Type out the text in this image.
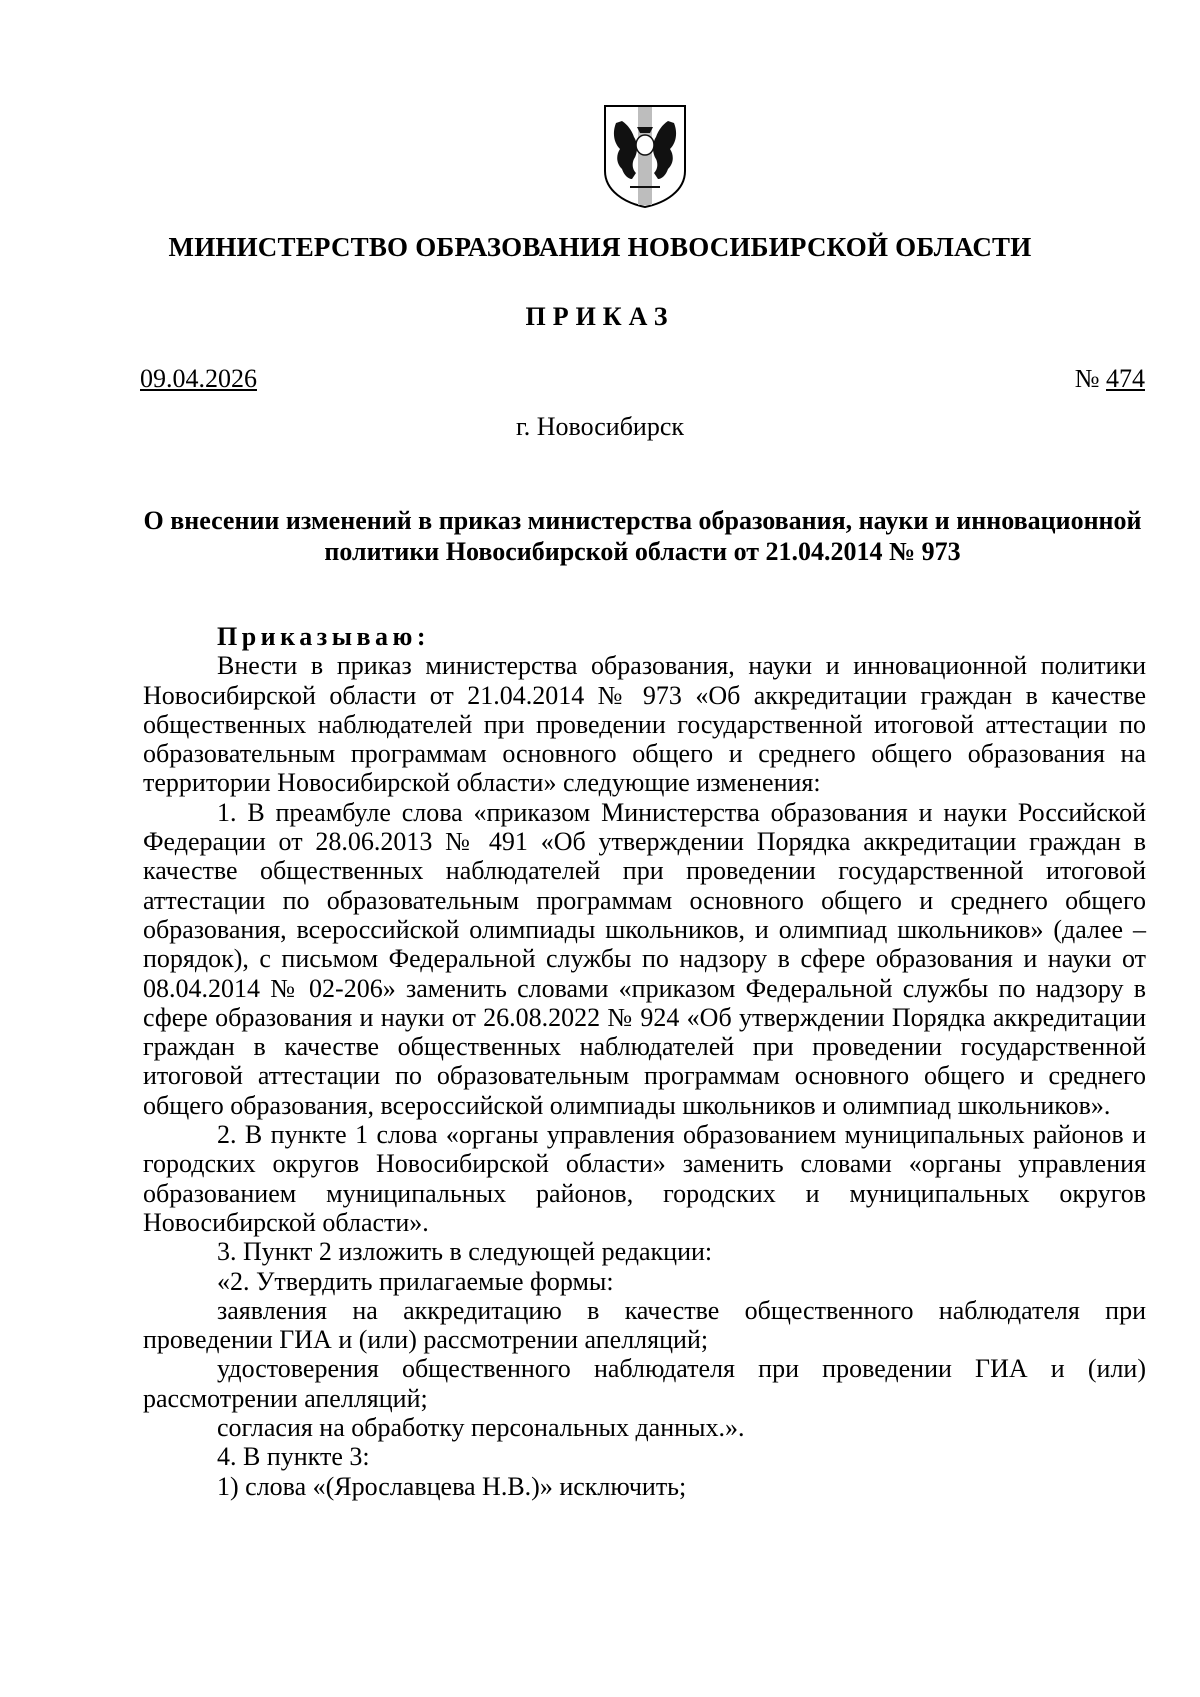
МИНИСТЕРСТВО ОБРАЗОВАНИЯ НОВОСИБИРСКОЙ ОБЛАСТИ
ПРИКАЗ
09.04.2026	№ 474
г. Новосибирск
О внесении изменений в приказ министерства образования, науки и инновационной политики Новосибирской области от 21.04.2014 № 973

Приказываю:

Внести в приказ министерства образования, науки и инновационной политики Новосибирской области от 21.04.2014 № 973 «Об аккредитации граждан в качестве общественных наблюдателей при проведении государственной итоговой аттестации по образовательным программам основного общего и среднего общего образования на территории Новосибирской области» следующие изменения:

1. В преамбуле слова «приказом Министерства образования и науки Российской Федерации от 28.06.2013 № 491 «Об утверждении Порядка аккредитации граждан в качестве общественных наблюдателей при проведении государственной итоговой аттестации по образовательным программам основного общего и среднего общего образования, всероссийской олимпиады школьников, и олимпиад школьников» (далее – порядок), с письмом Федеральной службы по надзору в сфере образования и науки от 08.04.2014 № 02-206» заменить словами «приказом Федеральной службы по надзору в сфере образования и науки от 26.08.2022 № 924 «Об утверждении Порядка аккредитации граждан в качестве общественных наблюдателей при проведении государственной итоговой аттестации по образовательным программам основного общего и среднего общего образования, всероссийской олимпиады школьников и олимпиад школьников».

2. В пункте 1 слова «органы управления образованием муниципальных районов и городских округов Новосибирской области» заменить словами «органы управления образованием муниципальных районов, городских и муниципальных округов Новосибирской области».

3. Пункт 2 изложить в следующей редакции:

«2. Утвердить прилагаемые формы:

заявления на аккредитацию в качестве общественного наблюдателя при проведении ГИА и (или) рассмотрении апелляций;

удостоверения общественного наблюдателя при проведении ГИА и (или) рассмотрении апелляций;

согласия на обработку персональных данных.».

4. В пункте 3:

1) слова «(Ярославцева Н.В.)» исключить;
